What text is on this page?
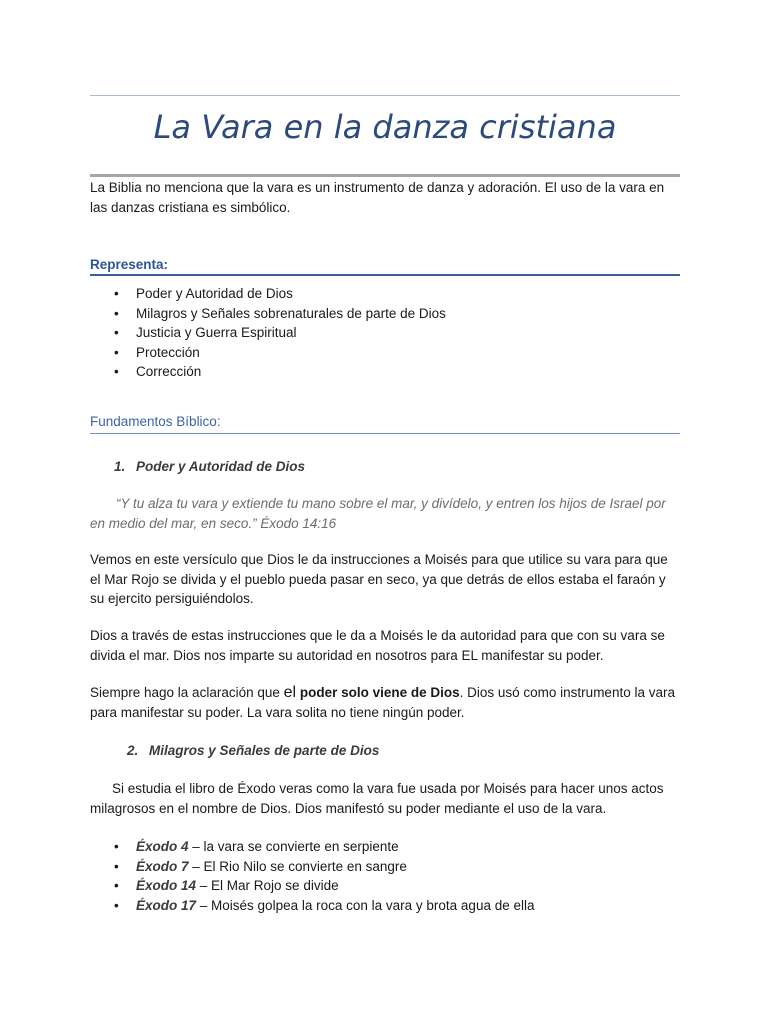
La Vara en la danza cristiana

La Biblia no menciona que la vara es un instrumento de danza y adoración. El uso de la vara en las danzas cristiana es simbólico.

Representa:

• Poder y Autoridad de Dios
• Milagros y Señales sobrenaturales de parte de Dios
• Justicia y Guerra Espiritual
• Protección
• Corrección

Fundamentos Bíblico:

1. Poder y Autoridad de Dios

“Y tu alza tu vara y extiende tu mano sobre el mar, y divídelo, y entren los hijos de Israel por en medio del mar, en seco.” Éxodo 14:16

Vemos en este versículo que Dios le da instrucciones a Moisés para que utilice su vara para que el Mar Rojo se divida y el pueblo pueda pasar en seco, ya que detrás de ellos estaba el faraón y su ejercito persiguiéndolos.

Dios a través de estas instrucciones que le da a Moisés le da autoridad para que con su vara se divida el mar. Dios nos imparte su autoridad en nosotros para EL manifestar su poder.

Siempre hago la aclaración que el poder solo viene de Dios. Dios usó como instrumento la vara para manifestar su poder. La vara solita no tiene ningún poder.

2. Milagros y Señales de parte de Dios

Si estudia el libro de Éxodo veras como la vara fue usada por Moisés para hacer unos actos milagrosos en el nombre de Dios. Dios manifestó su poder mediante el uso de la vara.

• Éxodo 4 – la vara se convierte en serpiente
• Éxodo 7 – El Rio Nilo se convierte en sangre
• Éxodo 14 – El Mar Rojo se divide
• Éxodo 17 – Moisés golpea la roca con la vara y brota agua de ella
